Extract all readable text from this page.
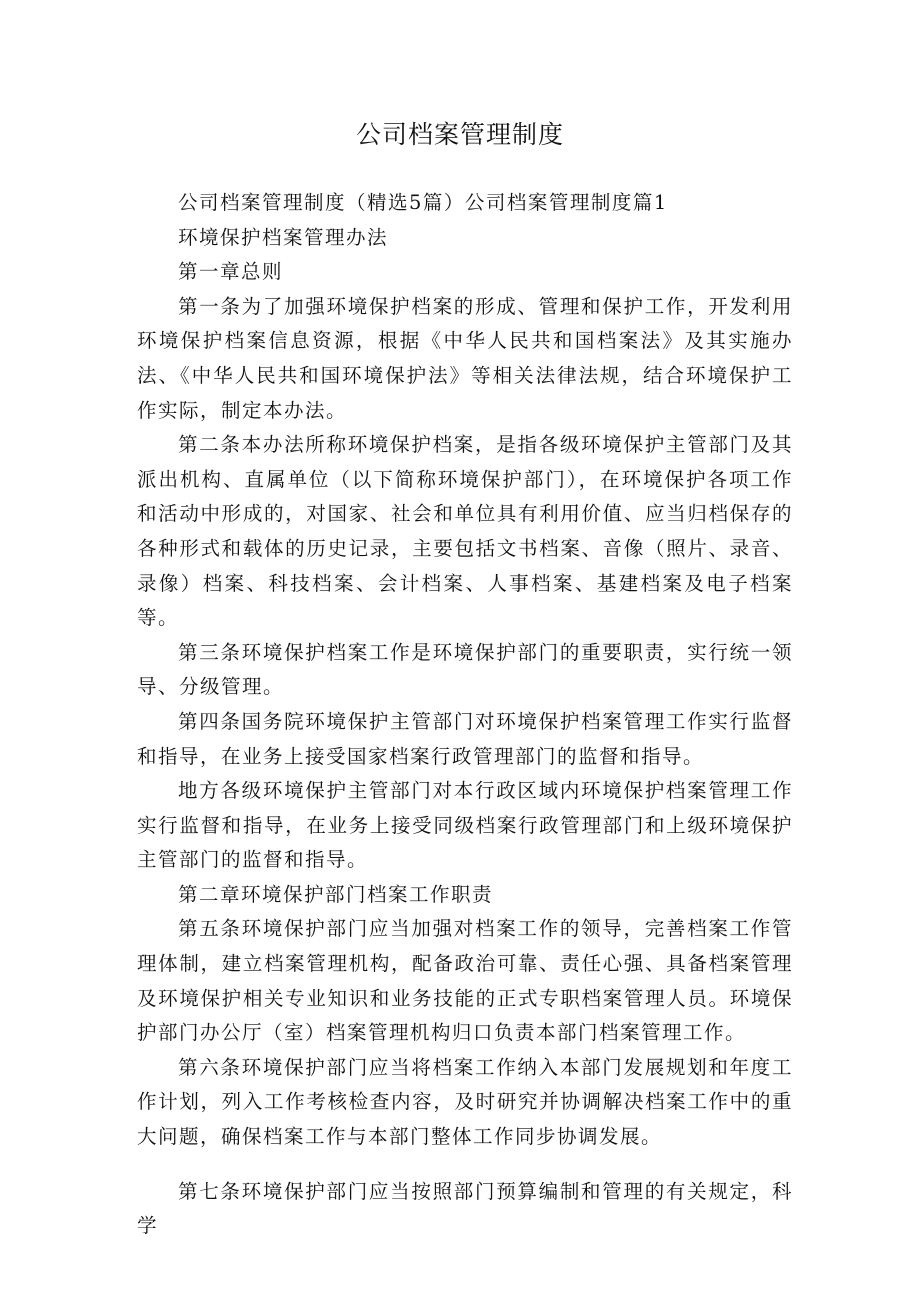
公司档案管理制度

公司档案管理制度（精选5篇）公司档案管理制度篇1

环境保护档案管理办法

第一章总则

第一条为了加强环境保护档案的形成、管理和保护工作，开发利用环境保护档案信息资源，根据《中华人民共和国档案法》及其实施办法、《中华人民共和国环境保护法》等相关法律法规，结合环境保护工作实际，制定本办法。

第二条本办法所称环境保护档案，是指各级环境保护主管部门及其派出机构、直属单位（以下简称环境保护部门），在环境保护各项工作和活动中形成的，对国家、社会和单位具有利用价值、应当归档保存的各种形式和载体的历史记录，主要包括文书档案、音像（照片、录音、录像）档案、科技档案、会计档案、人事档案、基建档案及电子档案等。

第三条环境保护档案工作是环境保护部门的重要职责，实行统一领导、分级管理。

第四条国务院环境保护主管部门对环境保护档案管理工作实行监督和指导，在业务上接受国家档案行政管理部门的监督和指导。

地方各级环境保护主管部门对本行政区域内环境保护档案管理工作实行监督和指导，在业务上接受同级档案行政管理部门和上级环境保护主管部门的监督和指导。

第二章环境保护部门档案工作职责

第五条环境保护部门应当加强对档案工作的领导，完善档案工作管理体制，建立档案管理机构，配备政治可靠、责任心强、具备档案管理及环境保护相关专业知识和业务技能的正式专职档案管理人员。环境保护部门办公厅（室）档案管理机构归口负责本部门档案管理工作。

第六条环境保护部门应当将档案工作纳入本部门发展规划和年度工作计划，列入工作考核检查内容，及时研究并协调解决档案工作中的重大问题，确保档案工作与本部门整体工作同步协调发展。

第七条环境保护部门应当按照部门预算编制和管理的有关规定，科学
